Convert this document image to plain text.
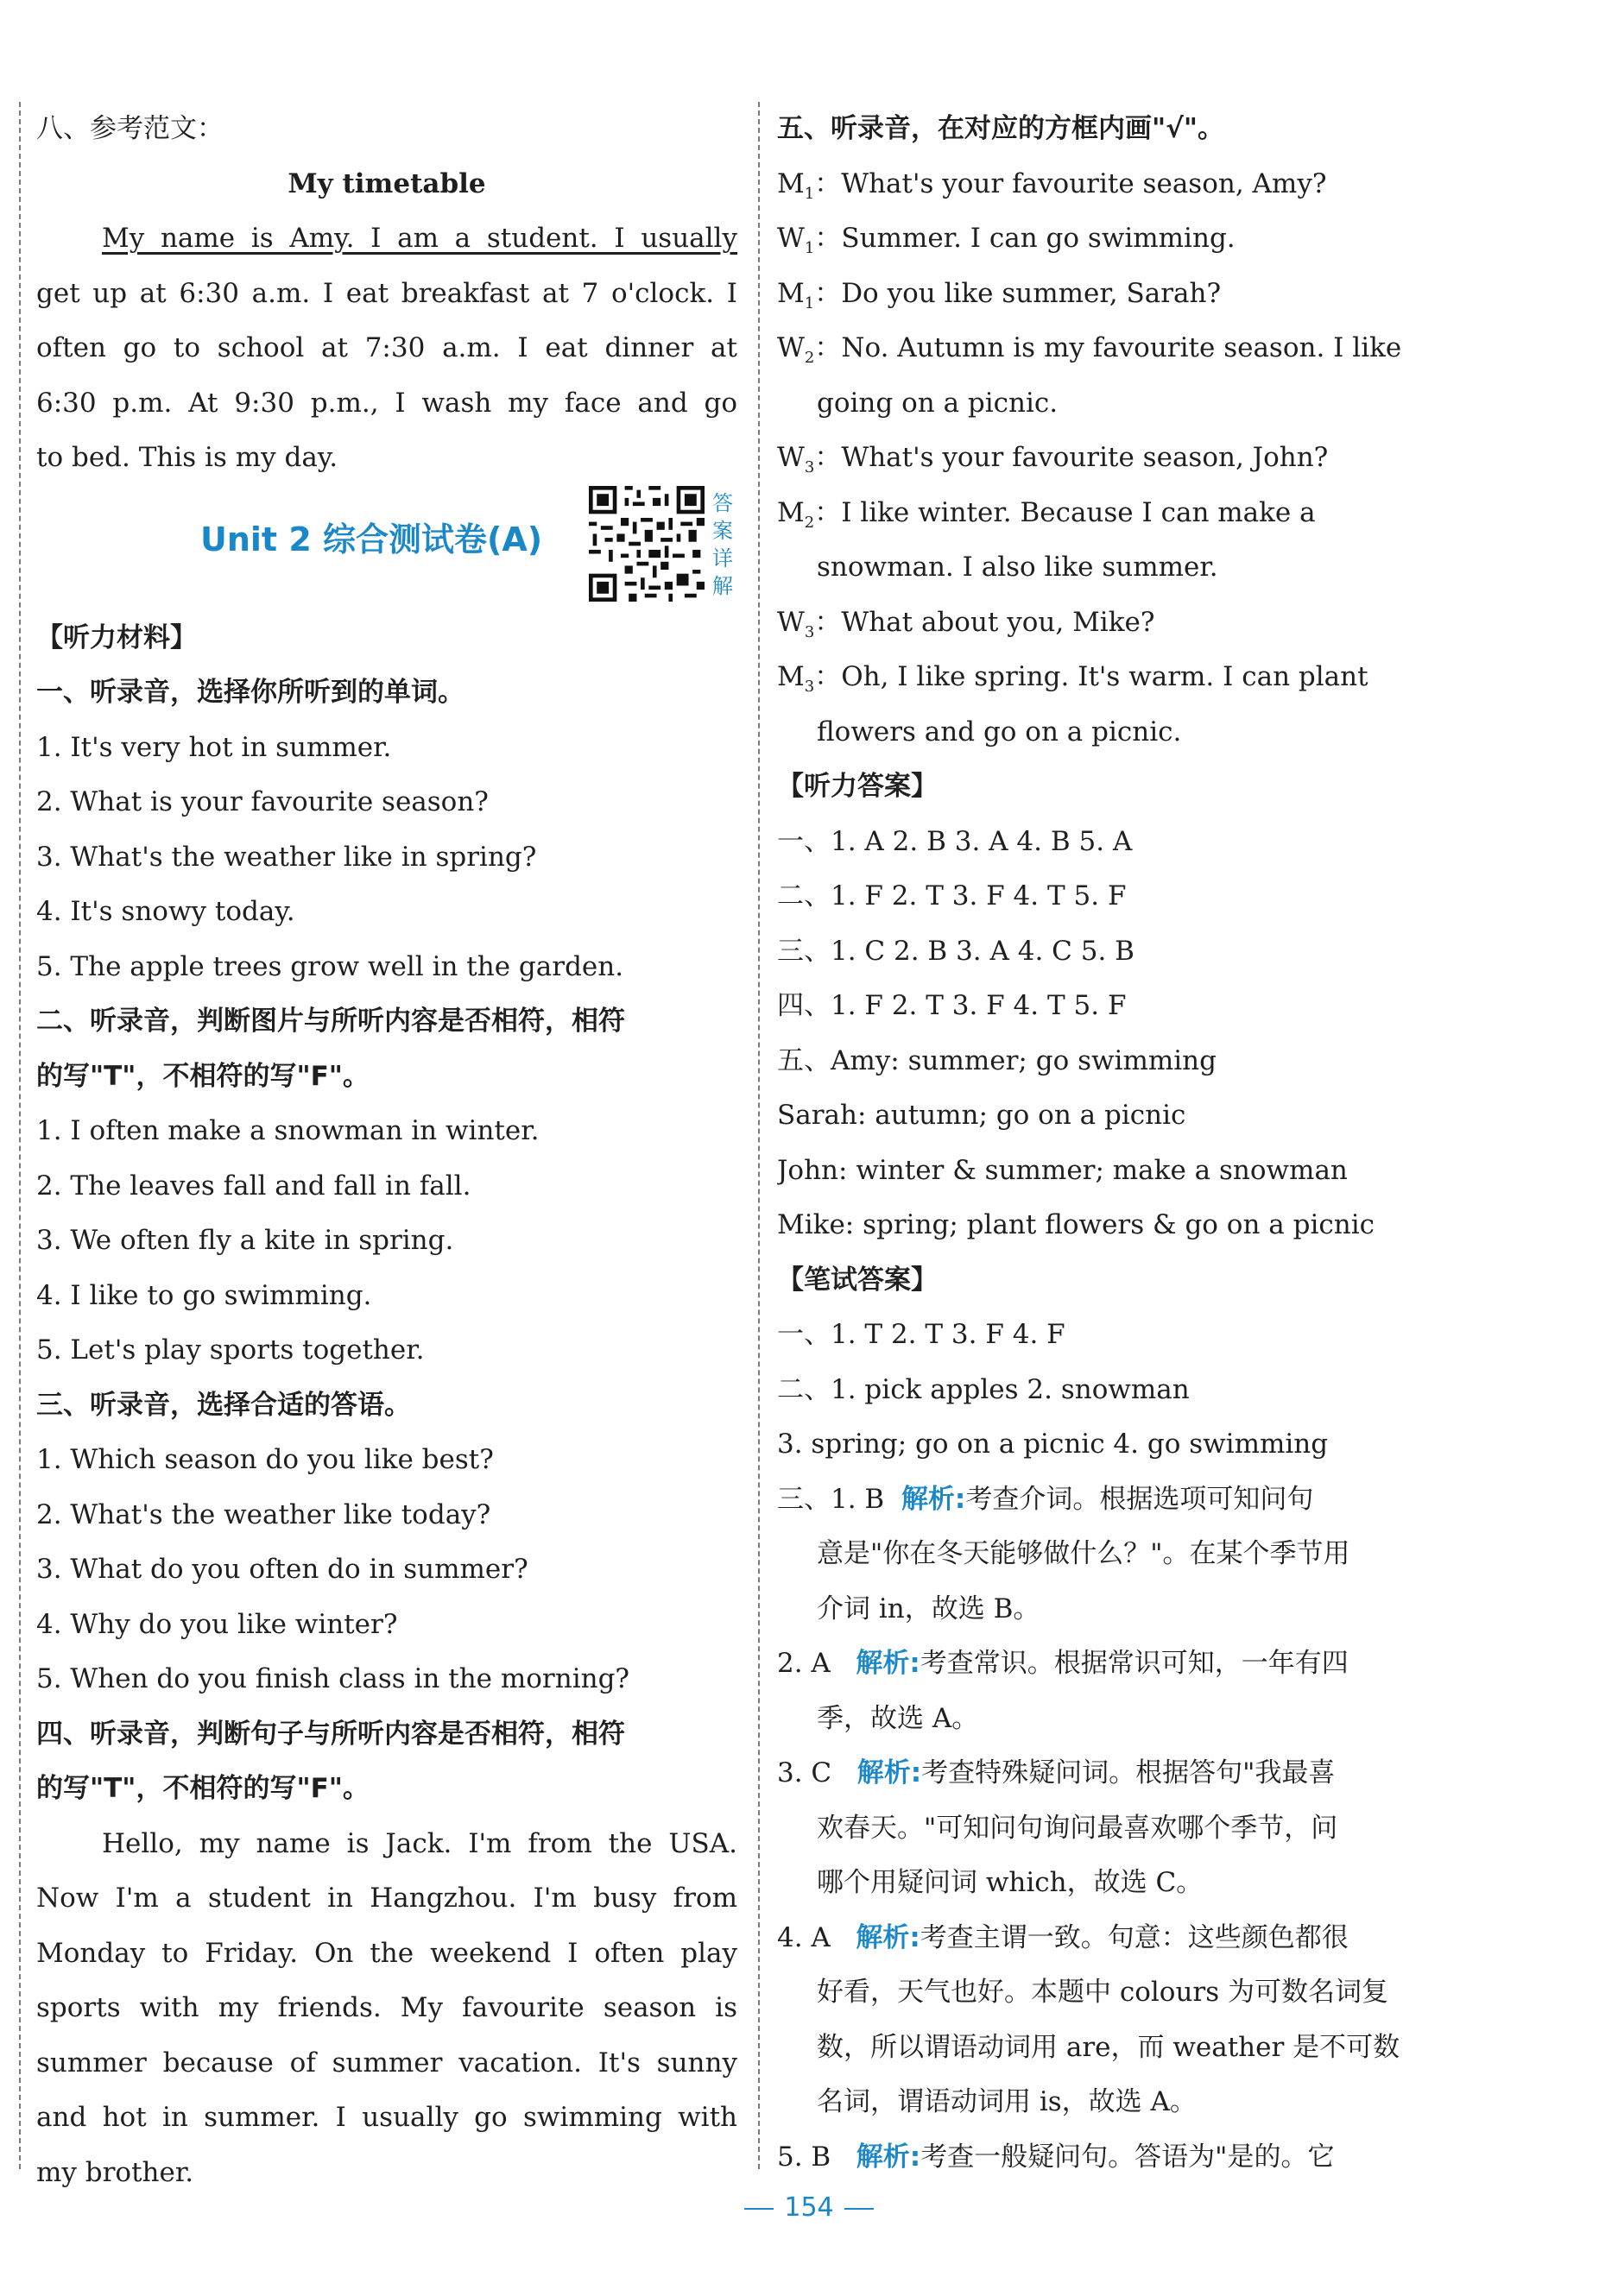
八、参考范文：
My timetable
My name is Amy. I am a student. I usually
get up at 6:30 a.m. I eat breakfast at 7 o'clock. I
often go to school at 7:30 a.m. I eat dinner at
6:30 p.m. At 9:30 p.m., I wash my face and go
to bed. This is my day.
Unit 2 综合测试卷(A)
答案详解
【听力材料】
一、听录音，选择你所听到的单词。
1. It's very hot in summer.
2. What is your favourite season?
3. What's the weather like in spring?
4. It's snowy today.
5. The apple trees grow well in the garden.
二、听录音，判断图片与所听内容是否相符，相符
的写"T"，不相符的写"F"。
1. I often make a snowman in winter.
2. The leaves fall and fall in fall.
3. We often fly a kite in spring.
4. I like to go swimming.
5. Let's play sports together.
三、听录音，选择合适的答语。
1. Which season do you like best?
2. What's the weather like today?
3. What do you often do in summer?
4. Why do you like winter?
5. When do you finish class in the morning?
四、听录音，判断句子与所听内容是否相符，相符
的写"T"，不相符的写"F"。
Hello, my name is Jack. I'm from the USA.
Now I'm a student in Hangzhou. I'm busy from
Monday to Friday. On the weekend I often play
sports with my friends. My favourite season is
summer because of summer vacation. It's sunny
and hot in summer. I usually go swimming with
my brother.
五、听录音，在对应的方框内画"√"。
$M_1$：What's your favourite season, Amy?
$W_1$：Summer. I can go swimming.
$M_1$：Do you like summer, Sarah?
$W_2$：No. Autumn is my favourite season. I like
going on a picnic.
$W_3$：What's your favourite season, John?
$M_2$：I like winter. Because I can make a
snowman. I also like summer.
$W_3$：What about you, Mike?
$M_3$：Oh, I like spring. It's warm. I can plant
flowers and go on a picnic.
【听力答案】
一、1. A 2. B 3. A 4. B 5. A
二、1. F 2. T 3. F 4. T 5. F
三、1. C 2. B 3. A 4. C 5. B
四、1. F 2. T 3. F 4. T 5. F
五、Amy: summer; go swimming
Sarah: autumn; go on a picnic
John: winter & summer; make a snowman
Mike: spring; plant flowers & go on a picnic
【笔试答案】
一、1. T 2. T 3. F 4. F
二、1. pick apples 2. snowman
3. spring; go on a picnic 4. go swimming
三、1. B 解析:考查介词。根据选项可知问句
意是"你在冬天能够做什么？"。在某个季节用
介词 in，故选 B。
2. A 解析:考查常识。根据常识可知，一年有四
季，故选 A。
3. C 解析:考查特殊疑问词。根据答句"我最喜
欢春天。"可知问句询问最喜欢哪个季节，问
哪个用疑问词 which，故选 C。
4. A 解析:考查主谓一致。句意：这些颜色都很
好看，天气也好。本题中 colours 为可数名词复
数，所以谓语动词用 are，而 weather 是不可数
名词，谓语动词用 is，故选 A。
5. B 解析:考查一般疑问句。答语为"是的。它
154
